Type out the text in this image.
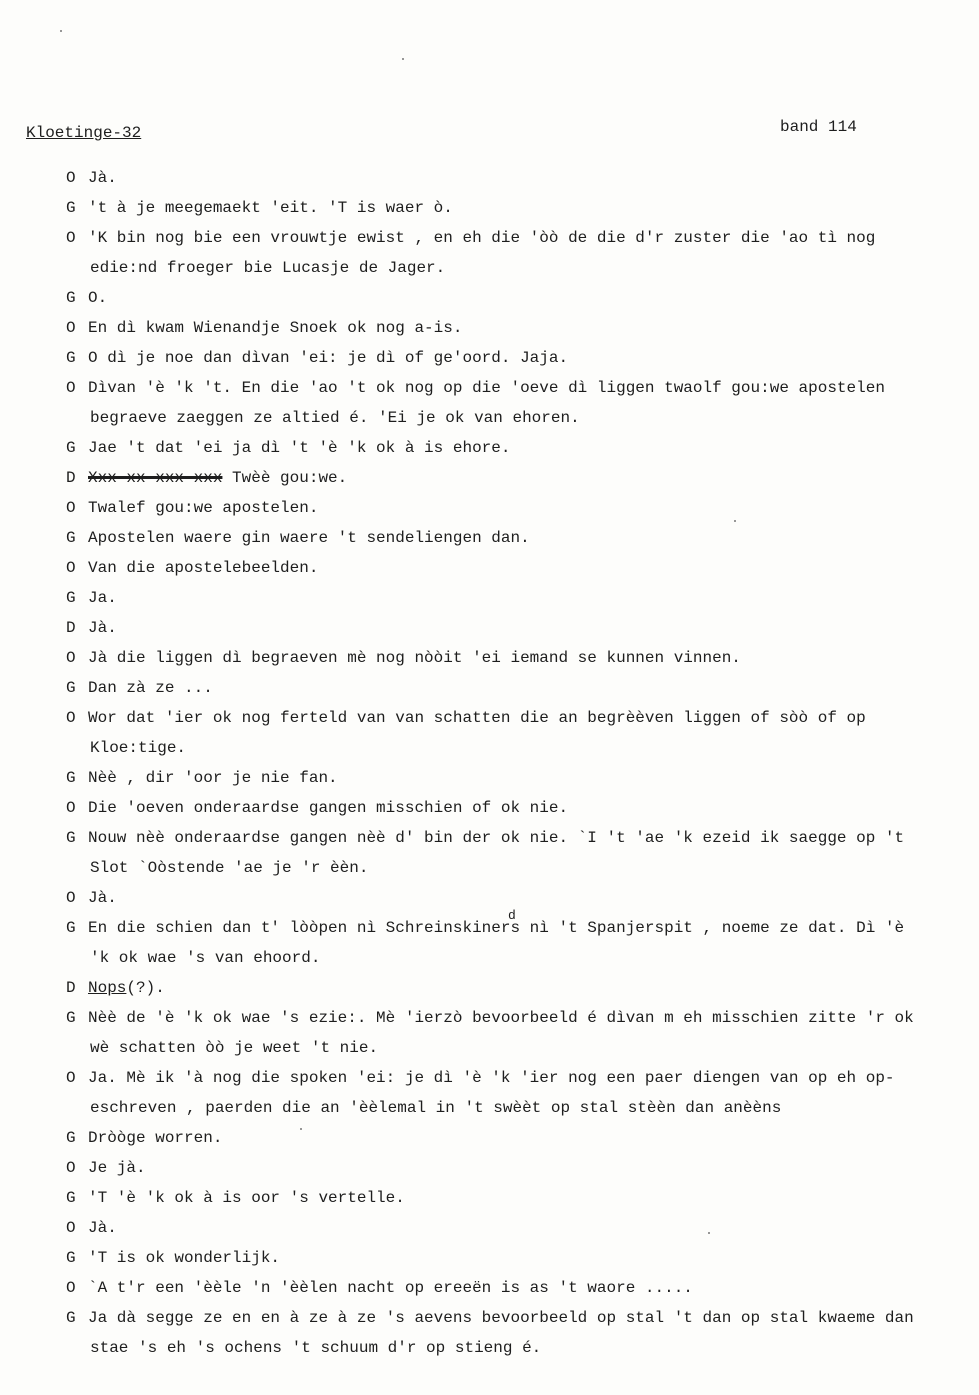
Kloetinge-32	band 114
O Jà.
G 't à je meegemaekt 'eit. 'T is waer ò.
O 'K bin nog bie een vrouwtje ewist , en eh die 'òò de die d'r zuster die 'ao tì nog
edie:nd froeger bie Lucasje de Jager.
G O.
O En dì kwam Wienandje Snoek ok nog a-is.
G O dì je noe dan dìvan 'ei: je dì of ge'oord. Jaja.
O Dìvan 'è 'k 't. En die 'ao 't ok nog op die 'oeve dì liggen twaolf gou:we apostelen
begraeve zaeggen ze altied é. 'Ei je ok van ehoren.
G Jae 't dat 'ei ja dì 't 'è 'k ok à is ehore.
D Xxx xx xxx xxx Twèè gou:we.
O Twalef gou:we apostelen.
G Apostelen waere gin waere 't sendeliengen dan.
O Van die apostelebeelden.
G Ja.
D Jà.
O Jà die liggen dì begraeven mè nog nòòit 'ei iemand se kunnen vinnen.
G Dan zà ze ...
O Wor dat 'ier ok nog ferteld van van schatten die an begrèèven liggen of sòò of op
Kloe:tige.
G Nèè , dir 'oor je nie fan.
O Die 'oeven onderaardse gangen misschien of ok nie.
G Nouw nèè onderaardse gangen nèè d' bin der ok nie. `I 't 'ae 'k ezeid ik saegge op 't
Slot `Oòstende 'ae je 'r èèn.
O Jà.
G En die schien dan t' lòòpen nì Schreinskiners nì 't Spanjerspit , noeme ze dat. Dì 'è
d
'k ok wae 's van ehoord.
D Nops(?).
G Nèè de 'è 'k ok wae 's ezie:. Mè 'ierzò bevoorbeeld é dìvan m eh misschien zitte 'r ok
wè schatten òò je weet 't nie.
O Ja. Mè ik 'à nog die spoken 'ei: je dì 'è 'k 'ier nog een paer diengen van op eh op-
eschreven , paerden die an 'èèlemal in 't swèèt op stal stèèn dan anèèns
G Dròòge worren.
O Je jà.
G 'T 'è 'k ok à is oor 's vertelle.
O Jà.
G 'T is ok wonderlijk.
O `A t'r een 'èèle 'n 'èèlen nacht op ereeën is as 't waore .....
G Ja dà segge ze en en à ze à ze 's aevens bevoorbeeld op stal 't dan op stal kwaeme dan
stae 's eh 's ochens 't schuum d'r op stieng é.
